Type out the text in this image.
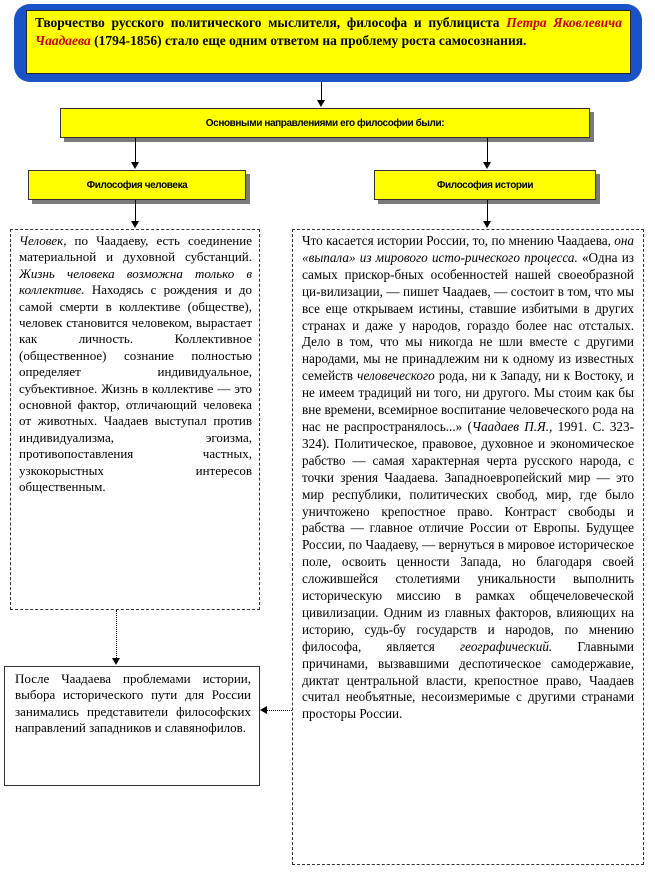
Творчество русского политического мыслителя, философа и публициста Петра Яковлевича Чаадаева (1794-1856) стало еще одним ответом на проблему роста самосознания.
Основными направлениями его философии были:
Философия человека	Философия истории
Человек, по Чаадаеву, есть соединение материальной и духовной субстанций. Жизнь человека возможна только в коллективе. Находясь с рождения и до самой смерти в коллективе (обществе), человек становится человеком, вырастает как личность. Коллективное (общественное) сознание полностью определяет индивидуальное, субъективное. Жизнь в коллективе — это основной фактор, отличающий человека от животных. Чаадаев выступал против индивидуализма, эгоизма, противопоставления частных, узкокорыстных интересов общественным.
Что касается истории России, то, по мнению Чаадаева, она «выпала» из мирового исто-рического процесса. «Одна из самых прискор-бных особенностей нашей своеобразной ци-вилизации, — пишет Чаадаев, — состоит в том, что мы все еще открываем истины, ставшие избитыми в других странах и даже у народов, гораздо более нас отсталых. Дело в том, что мы никогда не шли вместе с другими народами, мы не принадлежим ни к одному из известных семейств человеческого рода, ни к Западу, ни к Востоку, и не имеем традиций ни того, ни другого. Мы стоим как бы вне времени, всемирное воспитание человеческого рода на нас не распространялось...» (Чаадаев П.Я., 1991. С. 323-324). Политическое, правовое, духовное и экономическое рабство — самая характерная черта русского народа, с точки зрения Чаадаева. Западноевропейский мир — это мир республики, политических свобод, мир, где было уничтожено крепостное право. Контраст свободы и рабства — главное отличие России от Европы. Будущее России, по Чаадаеву, — вернуться в мировое историческое поле, освоить ценности Запада, но благодаря своей сложившейся столетиями уникальности выполнить историческую миссию в рамках общечеловеческой цивилизации. Одним из главных факторов, влияющих на историю, судь-бу государств и народов, по мнению философа, является географический. Главными причинами, вызвавшими деспотическое самодержавие, диктат центральной власти, крепостное право, Чаадаев считал необъятные, несоизмеримые с другими странами просторы России.
После Чаадаева проблемами истории, выбора исторического пути для России занимались представители философских направлений западников и славянофилов.
